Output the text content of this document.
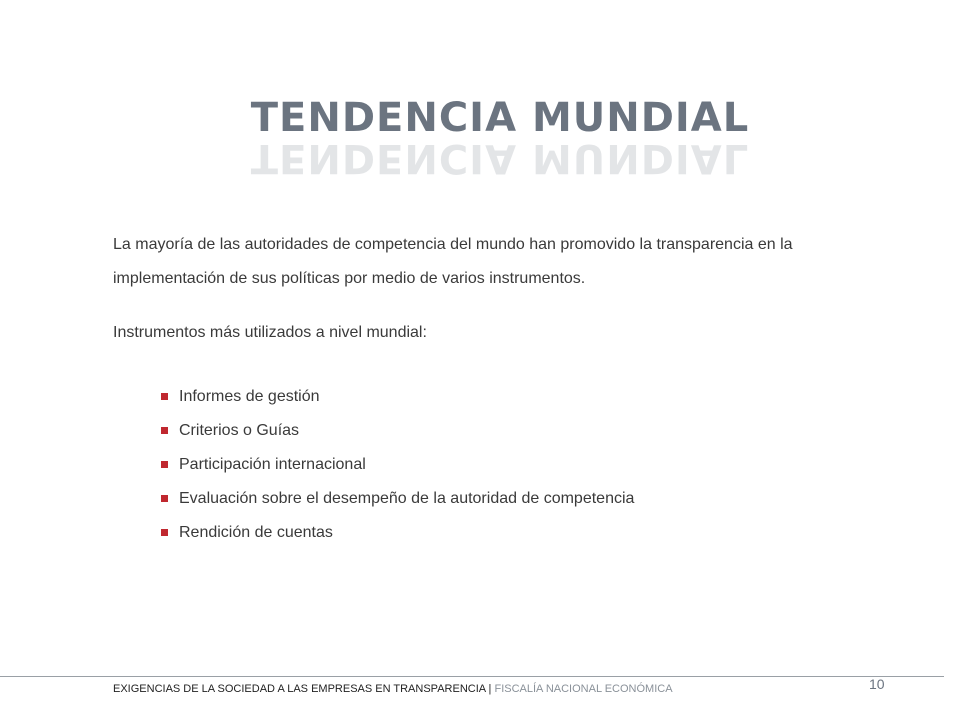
TENDENCIA MUNDIAL
TENDENCIA MUNDIAL

La mayoría de las autoridades de competencia del mundo han promovido la transparencia en la implementación de sus políticas por medio de varios instrumentos.

Instrumentos más utilizados a nivel mundial:

Informes de gestión
Criterios o Guías
Participación internacional
Evaluación sobre el desempeño de la autoridad de competencia
Rendición de cuentas
EXIGENCIAS DE LA SOCIEDAD A LAS EMPRESAS EN TRANSPARENCIA | FISCALÍA NACIONAL ECONÓMICA	10
